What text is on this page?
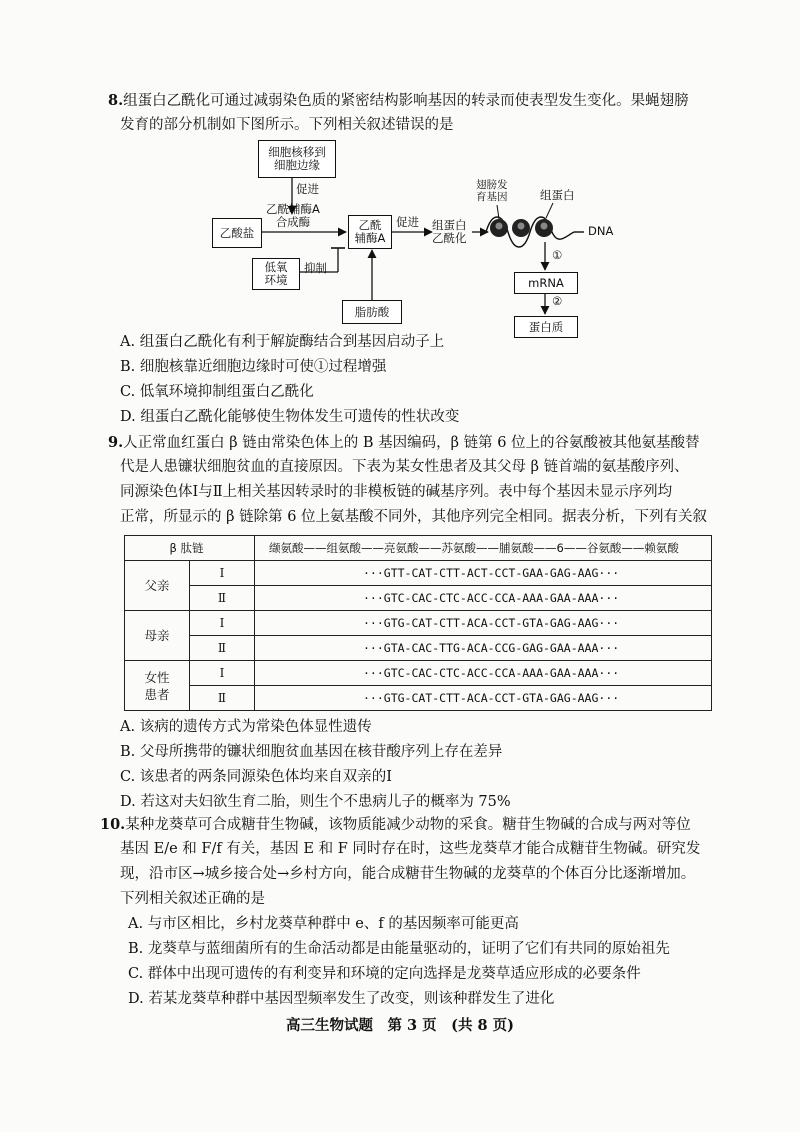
8.组蛋白乙酰化可通过减弱染色质的紧密结构影响基因的转录而使表型发生变化。果蝇翅膀
发育的部分机制如下图所示。下列相关叙述错误的是
细胞核移到
细胞边缘
促进
乙酰辅酶A
合成酶
乙酸盐
乙酰
辅酶A
促进 组蛋白
乙酰化
低氧
环境
抑制
脂肪酸
翅膀发
育基因	组蛋白
DNA
①
mRNA
②
蛋白质
A. 组蛋白乙酰化有利于解旋酶结合到基因启动子上
B. 细胞核靠近细胞边缘时可使①过程增强
C. 低氧环境抑制组蛋白乙酰化
D. 组蛋白乙酰化能够使生物体发生可遗传的性状改变
9.人正常血红蛋白 β 链由常染色体上的 B 基因编码，β 链第 6 位上的谷氨酸被其他氨基酸替
代是人患镰状细胞贫血的直接原因。下表为某女性患者及其父母 β 链首端的氨基酸序列、
同源染色体Ⅰ与Ⅱ上相关基因转录时的非模板链的碱基序列。表中每个基因未显示序列均
正常，所显示的 β 链除第 6 位上氨基酸不同外，其他序列完全相同。据表分析，下列有关叙
β 肽链		缬氨酸——组氨酸——亮氨酸——苏氨酸——脯氨酸——6——谷氨酸——赖氨酸
父亲	Ⅰ	···GTT-CAT-CTT-ACT-CCT-GAA-GAG-AAG···
	Ⅱ	···GTC-CAC-CTC-ACC-CCA-AAA-GAA-AAA···
母亲	Ⅰ	···GTG-CAT-CTT-ACA-CCT-GTA-GAG-AAG···
	Ⅱ	···GTA-CAC-TTG-ACA-CCG-GAG-GAA-AAA···
女性
患者	Ⅰ	···GTC-CAC-CTC-ACC-CCA-AAA-GAA-AAA···
	Ⅱ	···GTG-CAT-CTT-ACA-CCT-GTA-GAG-AAG···
A. 该病的遗传方式为常染色体显性遗传
B. 父母所携带的镰状细胞贫血基因在核苷酸序列上存在差异
C. 该患者的两条同源染色体均来自双亲的Ⅰ
D. 若这对夫妇欲生育二胎，则生个不患病儿子的概率为 75%
10.某种龙葵草可合成糖苷生物碱，该物质能减少动物的采食。糖苷生物碱的合成与两对等位
基因 E/e 和 F/f 有关，基因 E 和 F 同时存在时，这些龙葵草才能合成糖苷生物碱。研究发
现，沿市区→城乡接合处→乡村方向，能合成糖苷生物碱的龙葵草的个体百分比逐渐增加。
下列相关叙述正确的是
A. 与市区相比，乡村龙葵草种群中 e、f 的基因频率可能更高
B. 龙葵草与蓝细菌所有的生命活动都是由能量驱动的，证明了它们有共同的原始祖先
C. 群体中出现可遗传的有利变异和环境的定向选择是龙葵草适应形成的必要条件
D. 若某龙葵草种群中基因型频率发生了改变，则该种群发生了进化
高三生物试题　第 3 页　(共 8 页)
